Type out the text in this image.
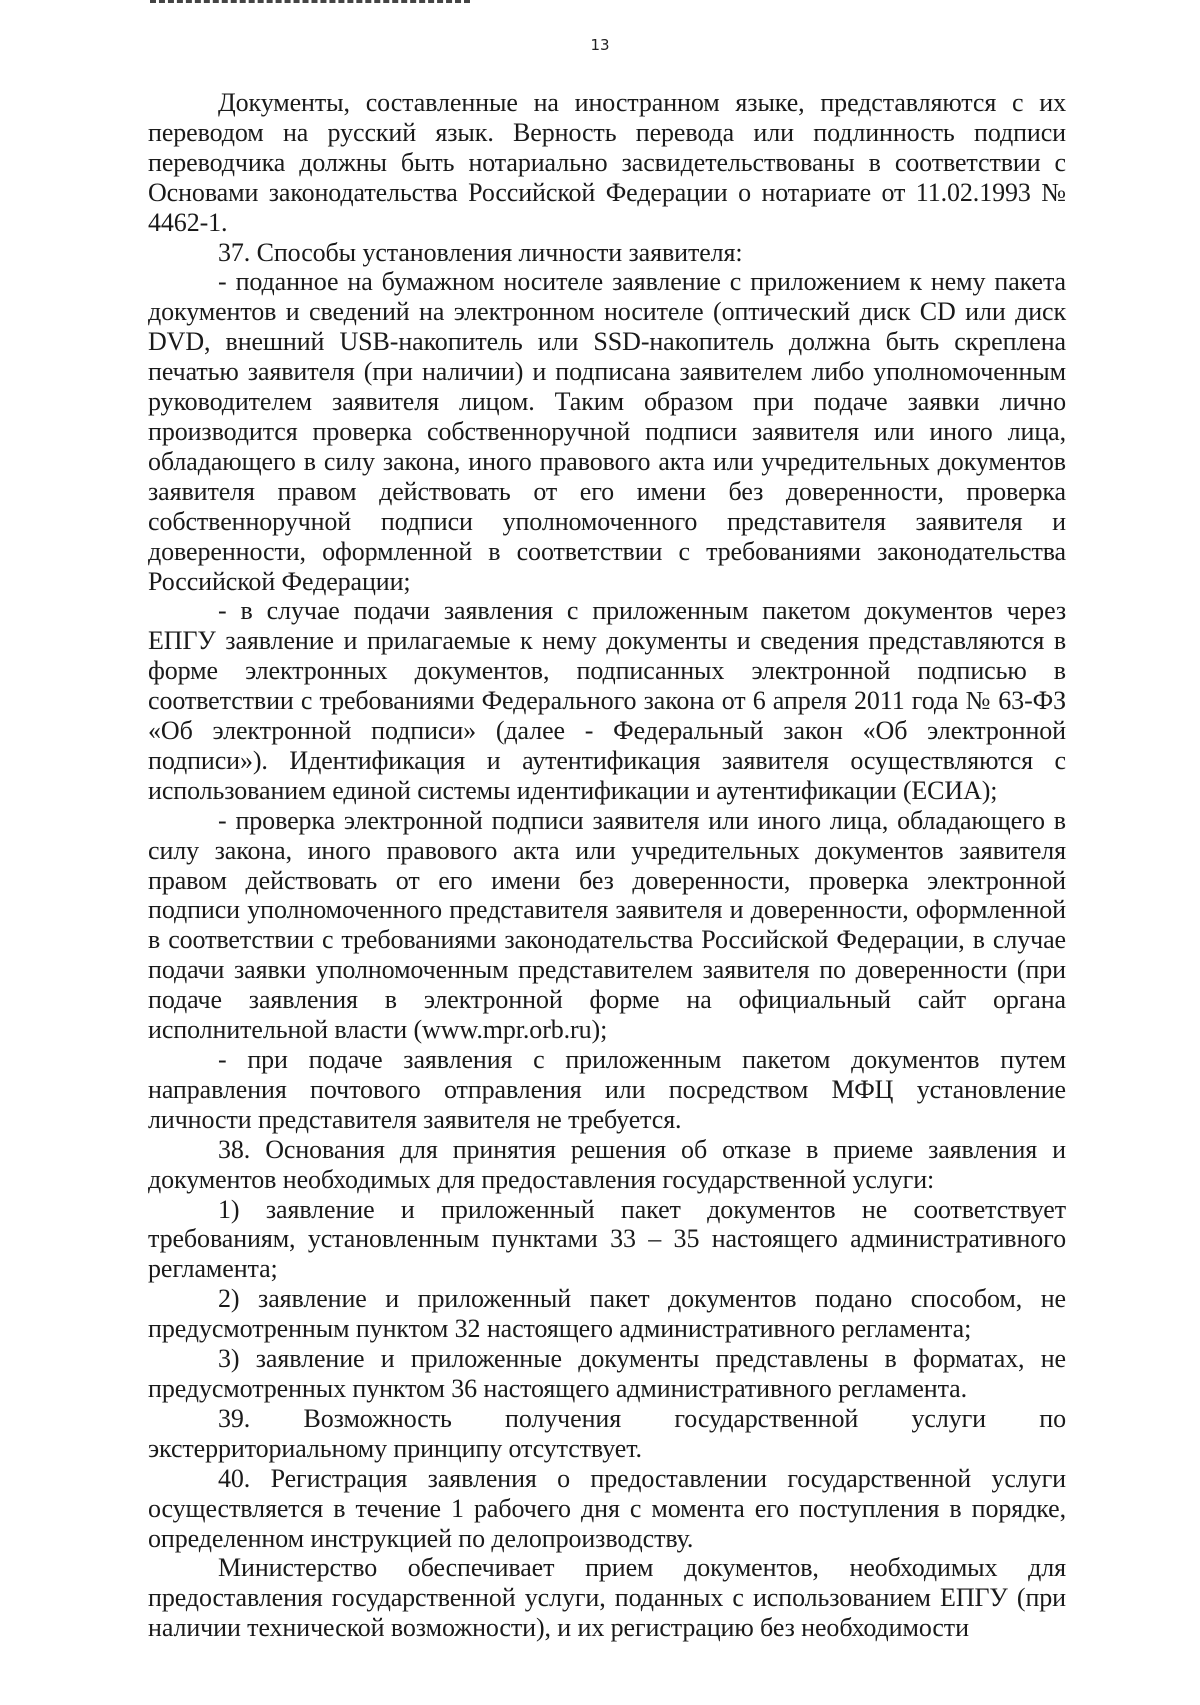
13

Документы, составленные на иностранном языке, представляются с их переводом на русский язык. Верность перевода или подлинность подписи переводчика должны быть нотариально засвидетельствованы в соответствии с Основами законодательства Российской Федерации о нотариате от 11.02.1993 № 4462-1.

37. Способы установления личности заявителя:

- поданное на бумажном носителе заявление с приложением к нему пакета документов и сведений на электронном носителе (оптический диск CD или диск DVD, внешний USB-накопитель или SSD-накопитель должна быть скреплена печатью заявителя (при наличии) и подписана заявителем либо уполномоченным руководителем заявителя лицом. Таким образом при подаче заявки лично производится проверка собственноручной подписи заявителя или иного лица, обладающего в силу закона, иного правового акта или учредительных документов заявителя правом действовать от его имени без доверенности, проверка собственноручной подписи уполномоченного представителя заявителя и доверенности, оформленной в соответствии с требованиями законодательства Российской Федерации;

- в случае подачи заявления с приложенным пакетом документов через ЕПГУ заявление и прилагаемые к нему документы и сведения представляются в форме электронных документов, подписанных электронной подписью в соответствии с требованиями Федерального закона от 6 апреля 2011 года № 63-ФЗ «Об электронной подписи» (далее - Федеральный закон «Об электронной подписи»). Идентификация и аутентификация заявителя осуществляются с использованием единой системы идентификации и аутентификации (ЕСИА);

- проверка электронной подписи заявителя или иного лица, обладающего в силу закона, иного правового акта или учредительных документов заявителя правом действовать от его имени без доверенности, проверка электронной подписи уполномоченного представителя заявителя и доверенности, оформленной в соответствии с требованиями законодательства Российской Федерации, в случае подачи заявки уполномоченным представителем заявителя по доверенности (при подаче заявления в электронной форме на официальный сайт органа исполнительной власти (www.mpr.orb.ru);

- при подаче заявления с приложенным пакетом документов путем направления почтового отправления или посредством МФЦ установление личности представителя заявителя не требуется.

38. Основания для принятия решения об отказе в приеме заявления и документов необходимых для предоставления государственной услуги:

1) заявление и приложенный пакет документов не соответствует требованиям, установленным пунктами 33 – 35 настоящего административного регламента;

2) заявление и приложенный пакет документов подано способом, не предусмотренным пунктом 32 настоящего административного регламента;

3) заявление и приложенные документы представлены в форматах, не предусмотренных пунктом 36 настоящего административного регламента.

39. Возможность получения государственной услуги по экстерриториальному принципу отсутствует.

40. Регистрация заявления о предоставлении государственной услуги осуществляется в течение 1 рабочего дня с момента его поступления в порядке, определенном инструкцией по делопроизводству.

Министерство обеспечивает прием документов, необходимых для предоставления государственной услуги, поданных с использованием ЕПГУ (при наличии технической возможности), и их регистрацию без необходимости
